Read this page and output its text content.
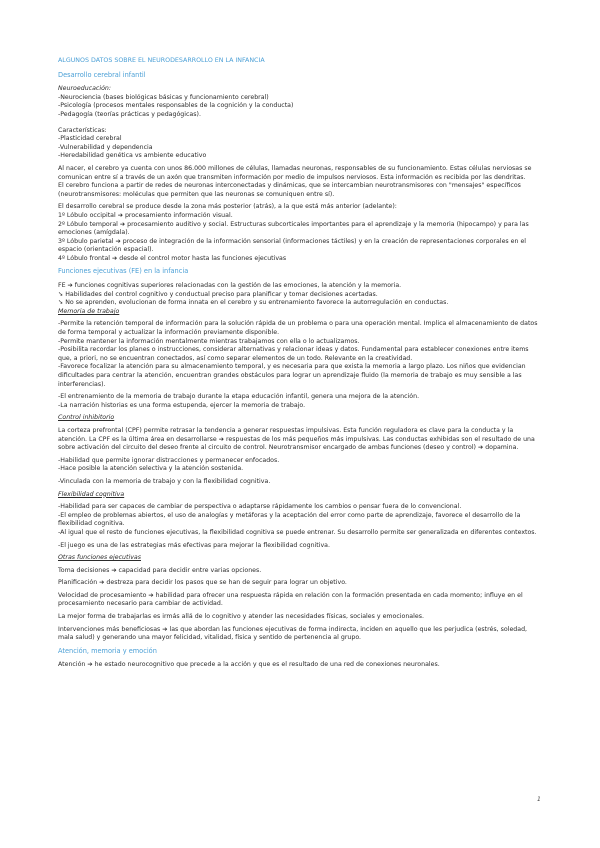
ALGUNOS DATOS SOBRE EL NEURODESARROLLO EN LA INFANCIA

Desarrollo cerebral infantil

Neuroeducación:

-Neurociencia (bases biológicas básicas y funcionamiento cerebral)

-Psicología (procesos mentales responsables de la cognición y la conducta)

-Pedagogía (teorías prácticas y pedagógicas).

Características:

-Plasticidad cerebral

-Vulnerabilidad y dependencia

-Heredabilidad genética vs ambiente educativo

Al nacer, el cerebro ya cuenta con unos 86.000 millones de células, llamadas neuronas, responsables de su funcionamiento. Estas células nerviosas se comunican entre sí a través de un axón que transmiten información por medio de impulsos nerviosos. Esta información es recibida por las dendritas.

El cerebro funciona a partir de redes de neuronas interconectadas y dinámicas, que se intercambian neurotransmisores con "mensajes" específicos (neurotransmisores: moléculas que permiten que las neuronas se comuniquen entre sí).

El desarrollo cerebral se produce desde la zona más posterior (atrás), a la que está más anterior (adelante):

1º Lóbulo occipital ➔ procesamiento información visual.

2º Lóbulo temporal ➔ procesamiento auditivo y social. Estructuras subcorticales importantes para el aprendizaje y la memoria (hipocampo) y para las emociones (amígdala).

3º Lóbulo parietal ➔ proceso de integración de la información sensorial (informaciones táctiles) y en la creación de representaciones corporales en el espacio (orientación espacial).

4º Lóbulo frontal ➔ desde el control motor hasta las funciones ejecutivas

Funciones ejecutivas (FE) en la infancia

FE ➔ funciones cognitivas superiores relacionadas con la gestión de las emociones, la atención y la memoria.

➘ Habilidades del control cognitivo y conductual preciso para planificar y tomar decisiones acertadas.

➘ No se aprenden, evolucionan de forma innata en el cerebro y su entrenamiento favorece la autorregulación en conductas.

Memoria de trabajo

-Permite la retención temporal de información para la solución rápida de un problema o para una operación mental. Implica el almacenamiento de datos de forma temporal y actualizar la información previamente disponible.

-Permite mantener la información mentalmente mientras trabajamos con ella o lo actualizamos.

-Posibilita recordar los planes o instrucciones, considerar alternativas y relacionar ideas y datos. Fundamental para establecer conexiones entre items que, a priori, no se encuentran conectados, así como separar elementos de un todo. Relevante en la creatividad.

-Favorece focalizar la atención para su almacenamiento temporal, y es necesaria para que exista la memoria a largo plazo. Los niños que evidencian dificultades para centrar la atención, encuentran grandes obstáculos para lograr un aprendizaje fluido (la memoria de trabajo es muy sensible a las interferencias).

-El entrenamiento de la memoria de trabajo durante la etapa educación infantil, genera una mejora de la atención.

-La narración historias es una forma estupenda, ejercer la memoria de trabajo.

Control inhibitorio

La corteza prefrontal (CPF) permite retrasar la tendencia a generar respuestas impulsivas. Esta función reguladora es clave para la conducta y la atención. La CPF es la última área en desarrollarse ➔ respuestas de los más pequeños más impulsivas. Las conductas exhibidas son el resultado de una sobre activación del circuito del deseo frente al circuito de control. Neurotransmisor encargado de ambas funciones (deseo y control) ➔ dopamina.

-Habilidad que permite ignorar distracciones y permanecer enfocados.

-Hace posible la atención selectiva y la atención sostenida.

-Vinculada con la memoria de trabajo y con la flexibilidad cognitiva.

Flexibilidad cognitiva

-Habilidad para ser capaces de cambiar de perspectiva o adaptarse rápidamente los cambios o pensar fuera de lo convencional.

-El empleo de problemas abiertos, el uso de analogías y metáforas y la aceptación del error como parte de aprendizaje, favorece el desarrollo de la flexibilidad cognitiva.

-Al igual que el resto de funciones ejecutivas, la flexibilidad cognitiva se puede entrenar. Su desarrollo permite ser generalizada en diferentes contextos.

-El juego es una de las estrategias más efectivas para mejorar la flexibilidad cognitiva.

Otras funciones ejecutivas

Toma decisiones ➔ capacidad para decidir entre varias opciones.

Planificación ➔ destreza para decidir los pasos que se han de seguir para lograr un objetivo.

Velocidad de procesamiento ➔ habilidad para ofrecer una respuesta rápida en relación con la formación presentada en cada momento; influye en el procesamiento necesario para cambiar de actividad.

La mejor forma de trabajarlas es irmás allá de lo cognitivo y atender las necesidades físicas, sociales y emocionales.

Intervenciones más beneficiosas ➔ las que abordan las funciones ejecutivas de forma indirecta, inciden en aquello que les perjudica (estrés, soledad, mala salud) y generando una mayor felicidad, vitalidad, física y sentido de pertenencia al grupo.

Atención, memoria y emoción

Atención ➔ he estado neurocognitivo que precede a la acción y que es el resultado de una red de conexiones neuronales.

1
